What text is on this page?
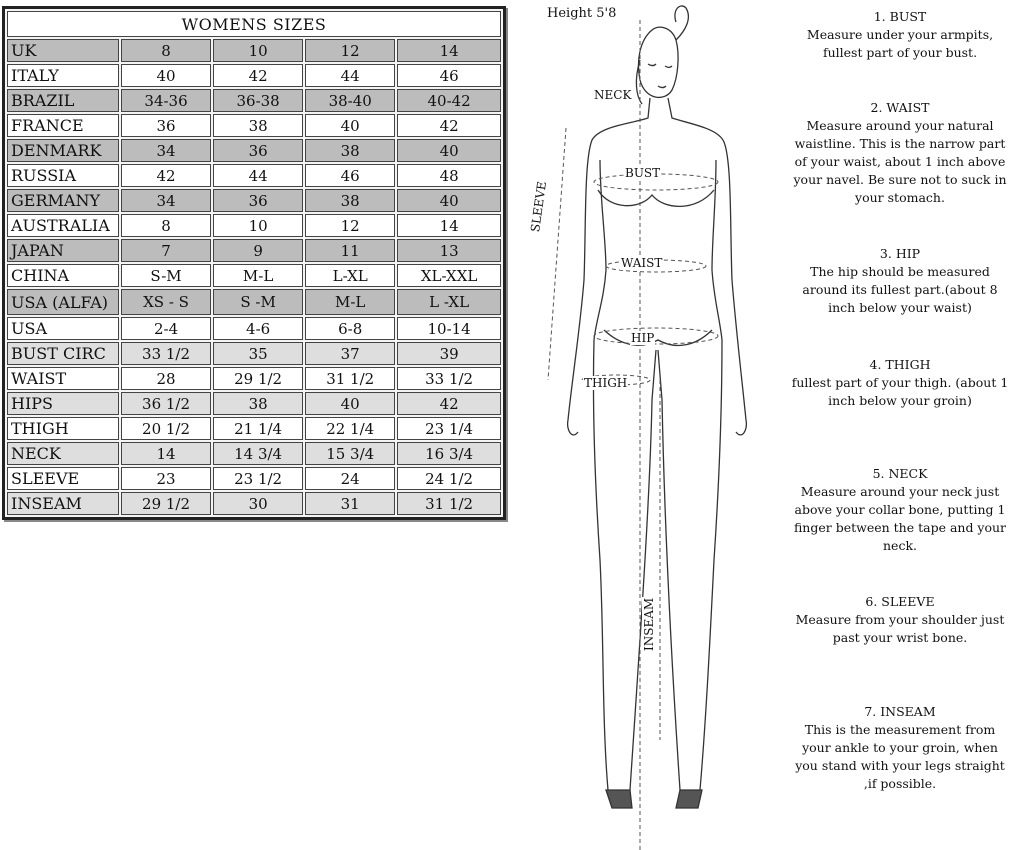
WOMENS SIZES				
UK	8	10	12	14
ITALY	40	42	44	46
BRAZIL	34-36	36-38	38-40	40-42
FRANCE	36	38	40	42
DENMARK	34	36	38	40
RUSSIA	42	44	46	48
GERMANY	34	36	38	40
AUSTRALIA	8	10	12	14
JAPAN	7	9	11	13
CHINA	S-M	M-L	L-XL	XL-XXL
USA (ALFA)	XS - S	S -M	M-L	L -XL
USA	2-4	4-6	6-8	10-14
BUST CIRC	33 1/2	35	37	39
WAIST	28	29 1/2	31 1/2	33 1/2
HIPS	36 1/2	38	40	42
THIGH	20 1/2	21 1/4	22 1/4	23 1/4
NECK	14	14 3/4	15 3/4	16 3/4
SLEEVE	23	23 1/2	24	24 1/2
INSEAM	29 1/2	30	31	31 1/2
Height 5'8
NECK
BUST
SLEEVE
WAIST
HIP
THIGH
INSEAM
1. BUST
Measure under your armpits, fullest part of your bust.
2. WAIST
Measure around your natural waistline. This is the narrow part of your waist, about 1 inch above your navel. Be sure not to suck in your stomach.
3. HIP
The hip should be measured around its fullest part.(about 8 inch below your waist)
4. THIGH
fullest part of your thigh. (about 1 inch below your groin)
5. NECK
Measure around your neck just above your collar bone, putting 1 finger between the tape and your neck.
6. SLEEVE
Measure from your shoulder just past your wrist bone.
7. INSEAM
This is the measurement from your ankle to your groin, when you stand with your legs straight ,if possible.
